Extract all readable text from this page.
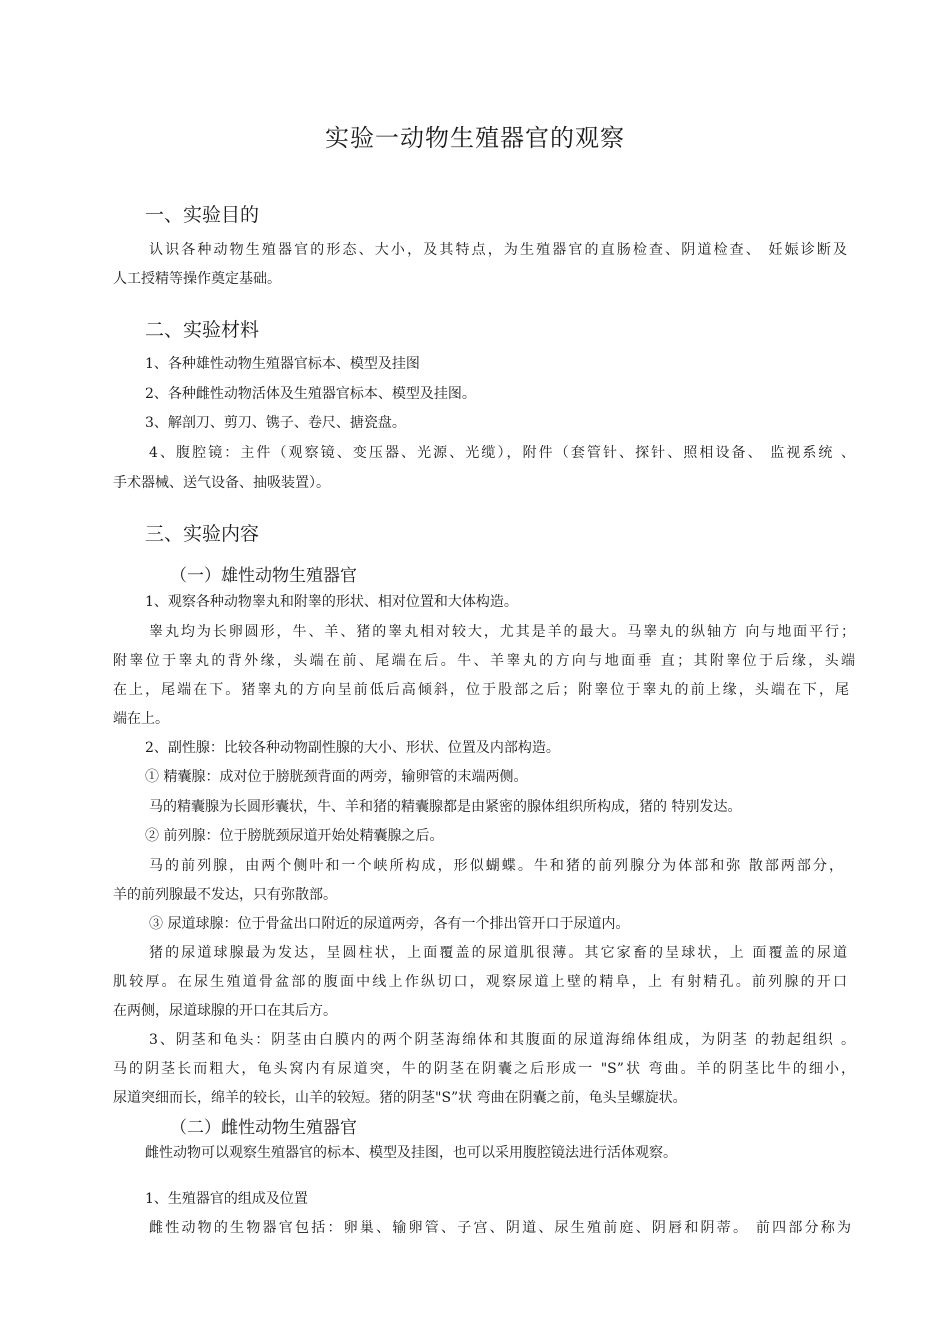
实验一动物生殖器官的观察
一、实验目的
认识各种动物生殖器官的形态、大小，及其特点，为生殖器官的直肠检查、阴道检查、 妊娠诊断及
人工授精等操作奠定基础。
二、实验材料
1、各种雄性动物生殖器官标本、模型及挂图
2、各种雌性动物活体及生殖器官标本、模型及挂图。
3、解剖刀、剪刀、镌子、卷尺、搪瓷盘。
4、腹腔镜：主件（观察镜、变压器、光源、光缆），附件（套管针、探针、照相设备、 监视系统 、
手术器械、送气设备、抽吸装置）。
三、实验内容
（一）雄性动物生殖器官
1、观察各种动物睾丸和附睾的形状、相对位置和大体构造。
睾丸均为长卵圆形，牛、羊、猪的睾丸相对较大，尤其是羊的最大。马睾丸的纵轴方 向与地面平行；
附睾位于睾丸的背外缘，头端在前、尾端在后。牛、羊睾丸的方向与地面垂 直；其附睾位于后缘，头端
在上，尾端在下。猪睾丸的方向呈前低后高倾斜，位于股部之后；附睾位于睾丸的前上缘，头端在下，尾
端在上。
2、副性腺：比较各种动物副性腺的大小、形状、位置及内部构造。
① 精囊腺：成对位于膀胱颈背面的两旁，输卵管的末端两侧。
马的精囊腺为长圆形囊状，牛、羊和猪的精囊腺都是由紧密的腺体组织所构成，猪的 特别发达。
② 前列腺：位于膀胱颈尿道开始处精囊腺之后。
马的前列腺，由两个侧叶和一个峡所构成，形似蝴蝶。牛和猪的前列腺分为体部和弥 散部两部分，
羊的前列腺最不发达，只有弥散部。
③ 尿道球腺：位于骨盆出口附近的尿道两旁，各有一个排出管开口于尿道内。
猪的尿道球腺最为发达，呈圆柱状，上面覆盖的尿道肌很薄。其它家畜的呈球状，上 面覆盖的尿道
肌较厚。在尿生殖道骨盆部的腹面中线上作纵切口，观察尿道上壁的精阜，上 有射精孔。前列腺的开口
在两侧，尿道球腺的开口在其后方。
3、阴茎和龟头：阴茎由白膜内的两个阴茎海绵体和其腹面的尿道海绵体组成，为阴茎 的勃起组织 。
马的阴茎长而粗大，龟头窝内有尿道突，牛的阴茎在阴囊之后形成一 "S”状 弯曲。羊的阴茎比牛的细小，
尿道突细而长，绵羊的较长，山羊的较短。猪的阴茎"S”状 弯曲在阴囊之前，龟头呈螺旋状。
（二）雌性动物生殖器官
雌性动物可以观察生殖器官的标本、模型及挂图，也可以采用腹腔镜法进行活体观察。
1、生殖器官的组成及位置
雌性动物的生物器官包括：卵巢、输卵管、子宫、阴道、尿生殖前庭、阴唇和阴蒂。 前四部分称为
